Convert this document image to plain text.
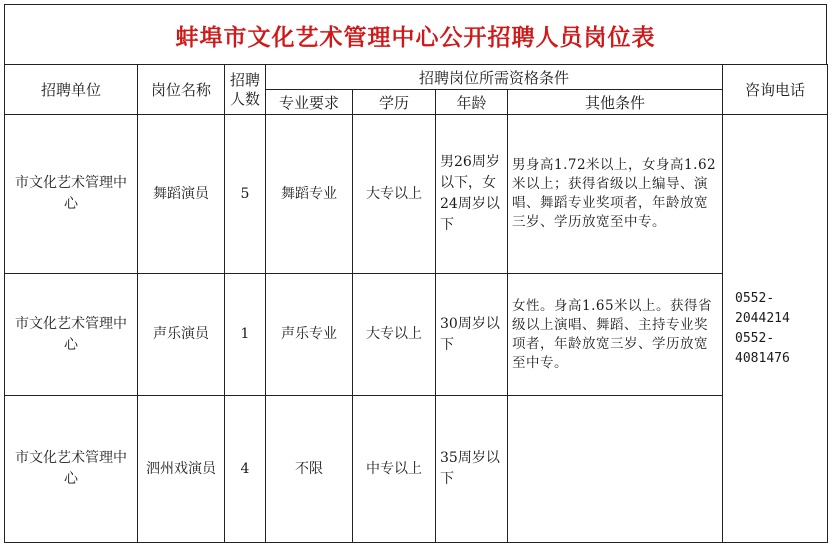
蚌埠市文化艺术管理中心公开招聘人员岗位表
招聘单位	岗位名称	招聘人数	招聘岗位所需资格条件				咨询电话
			专业要求	学历	年龄	其他条件	
市文化艺术管理中心	舞蹈演员	5	舞蹈专业	大专以上	男26周岁以下，女24周岁以下	男身高1.72米以上，女身高1.62米以上；获得省级以上编导、演唱、舞蹈专业奖项者，年龄放宽三岁、学历放宽至中专。	0552-2044214
0552-4081476

市文化艺术管理中心	声乐演员	1	声乐专业	大专以上	30周岁以下	女性。身高1.65米以上。获得省级以上演唱、舞蹈、主持专业奖项者，年龄放宽三岁、学历放宽至中专。	
市文化艺术管理中心	泗州戏演员	4	不限	中专以上	35周岁以下		
